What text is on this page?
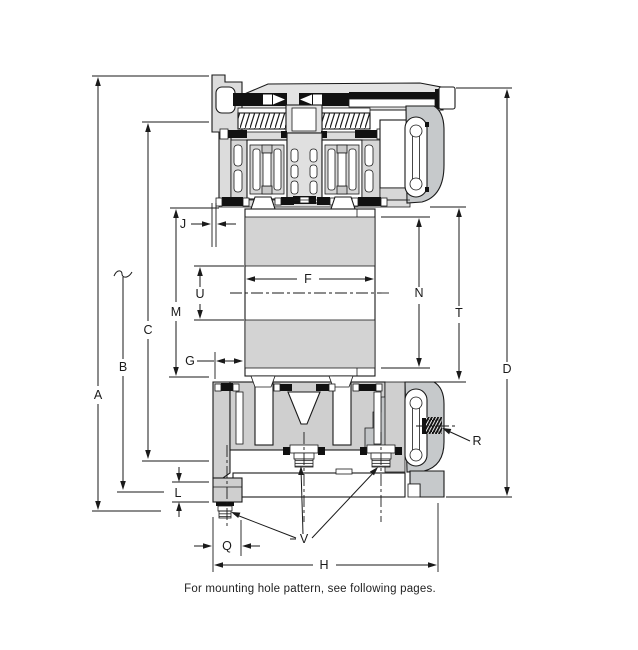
A
B
C
M
U
J
G
F
N
T
D
L
Q
H
V
R
For mounting hole pattern, see following pages.
